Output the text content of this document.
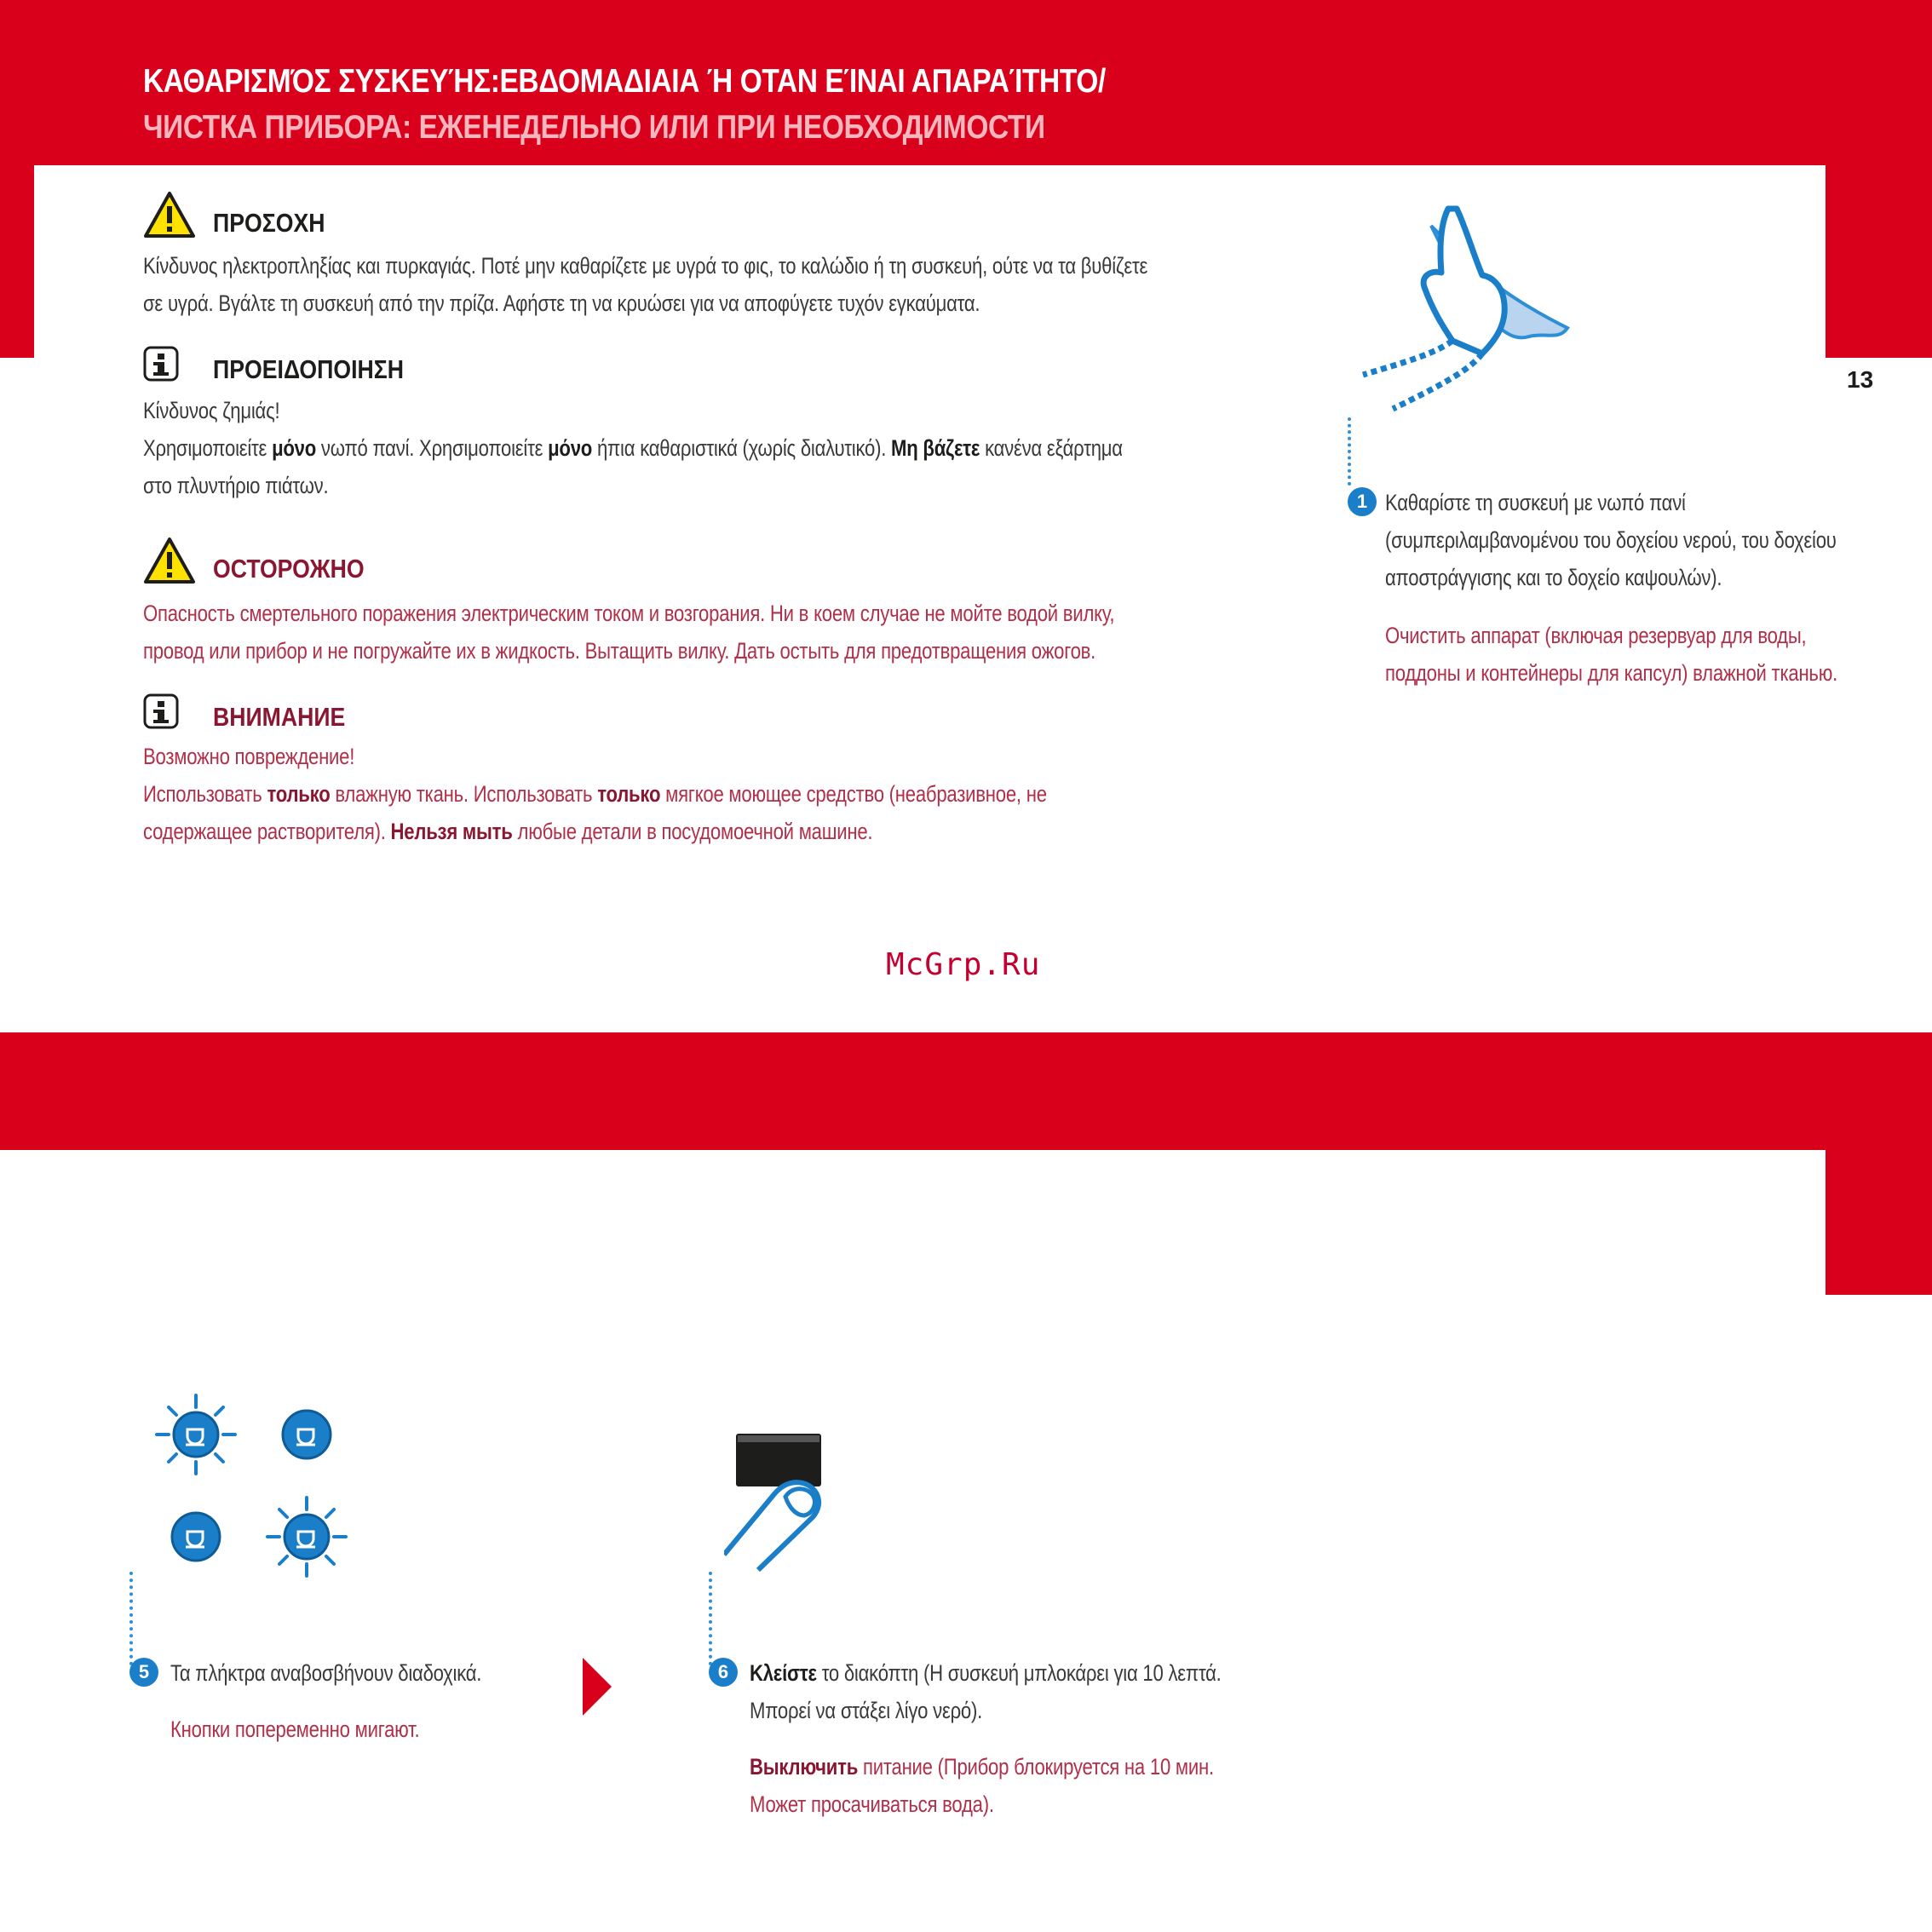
ΚΑΘΑΡΙΣΜΌΣ ΣΥΣΚΕΥΉΣ:ΕΒΔΟΜΑΔΙΑΙΑ Ή ΟΤΑΝ ΕΊΝΑΙ ΑΠΑΡΑΊΤΗΤΟ/
ЧИСТКА ПРИБОРА: ЕЖЕНЕДЕЛЬНО ИЛИ ПРИ НЕОБХОДИМОСТИ
ΠΡΟΣΟΧΗ

Κίνδυνος ηλεκτροπληξίας και πυρκαγιάς. Ποτέ μην καθαρίζετε με υγρά το φις, το καλώδιο ή τη συσκευή, ούτε να τα βυθίζετε

σε υγρά. Βγάλτε τη συσκευή από την πρίζα. Αφήστε τη να κρυώσει για να αποφύγετε τυχόν εγκαύματα.

ΠΡΟΕΙΔΟΠΟΙΗΣΗ

Κίνδυνος ζημιάς!

Χρησιμοποιείτε μόνο νωπό πανί. Χρησιμοποιείτε μόνο ήπια καθαριστικά (χωρίς διαλυτικό). Μη βάζετε κανένα εξάρτημα

στο πλυντήριο πιάτων.

ОСТОРОЖНО

Опасность смертельного поражения электрическим током и возгорания. Ни в коем случае не мойте водой вилку,

провод или прибор и не погружайте их в жидкость. Вытащить вилку. Дать остыть для предотвращения ожогов.

ВНИМАНИЕ

Возможно повреждение!

Использовать только влажную ткань. Использовать только мягкое моющее средство (неабразивное, не

содержащее растворителя). Нельзя мыть любые детали в посудомоечной машине.

13
McGrp.Ru
1 Καθαρίστε τη συσκευή με νωπό πανί

(συμπεριλαμβανομένου του δοχείου νερού, του δοχείου

αποστράγγισης και το δοχείο καψουλών).

Очистить аппарат (включая резервуар для воды,

поддоны и контейнеры для капсул) влажной тканью.

5 Τα πλήκτρα αναβοσβήνουν διαδοχικά.
Кнопки попеременно мигают.
6 Κλείστε το διακόπτη (Η συσκευή μπλοκάρει για 10 λεπτά.

Μπορεί να στάξει λίγο νερό).

Выключить питание (Прибор блокируется на 10 мин.

Может просачиваться вода).
